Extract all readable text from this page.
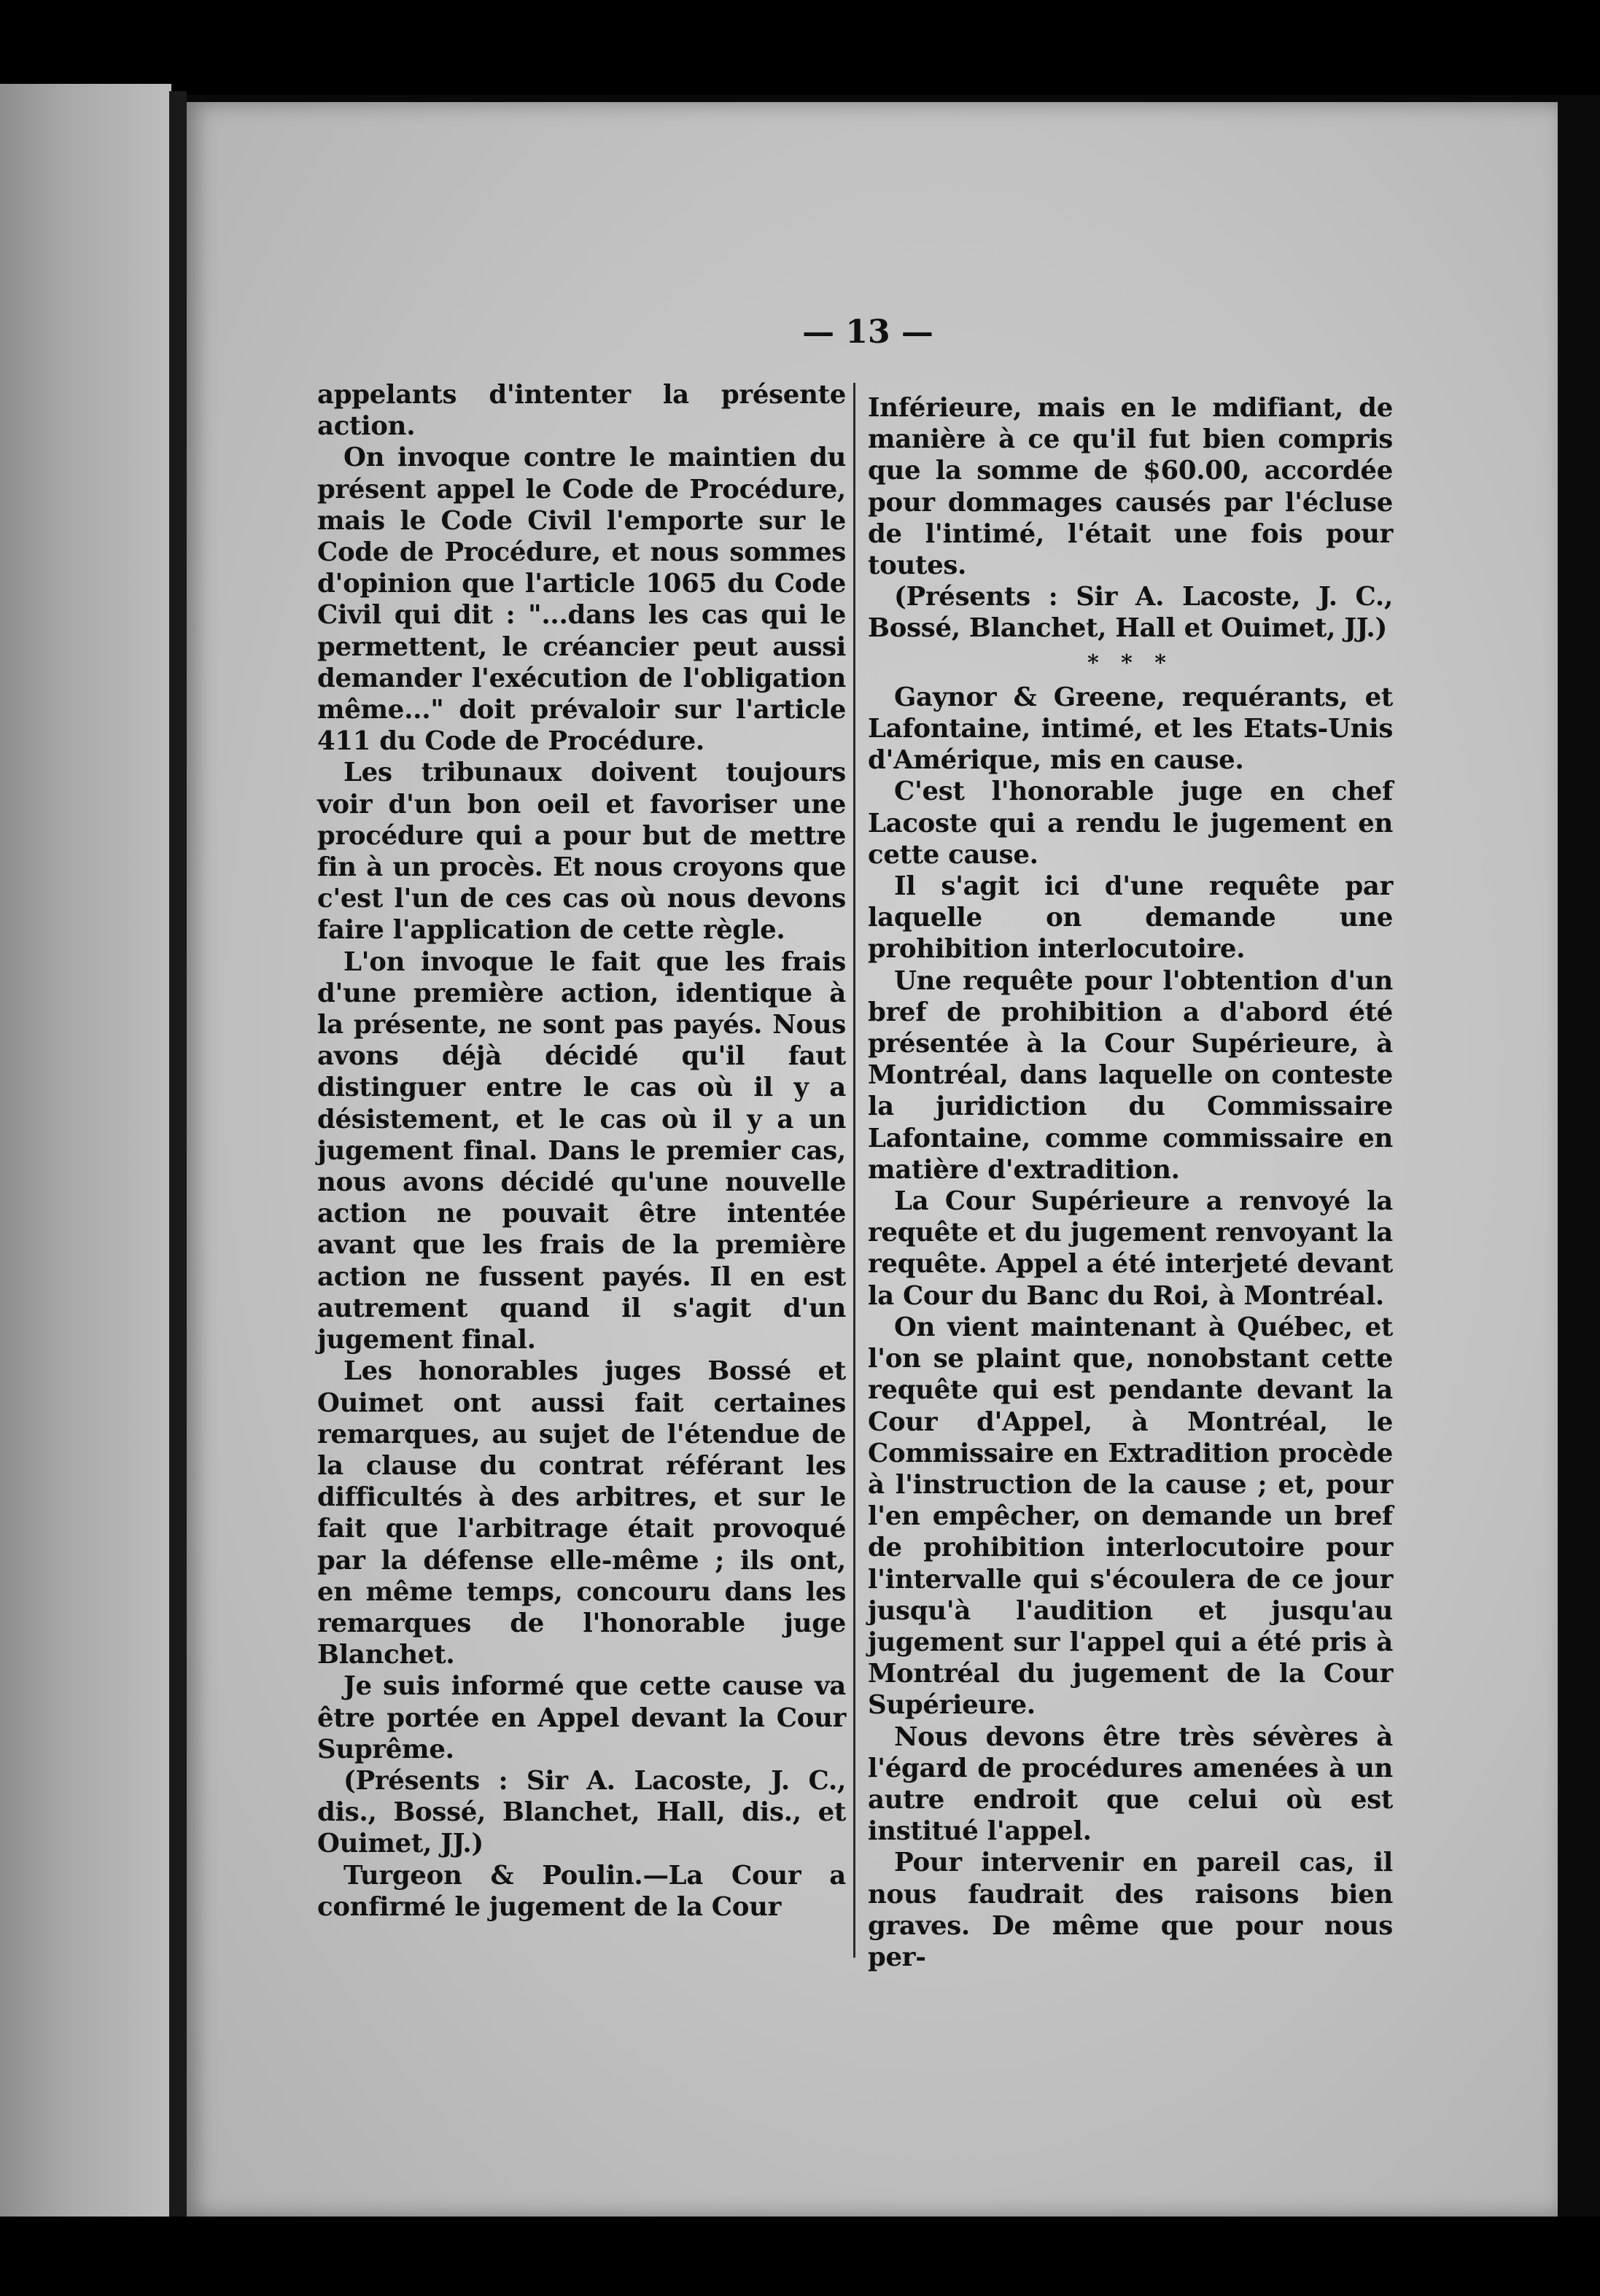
— 13 —

appelants d'intenter la présente action.

On invoque contre le maintien du présent appel le Code de Procédure, mais le Code Civil l'emporte sur le Code de Procédure, et nous sommes d'opinion que l'article 1065 du Code Civil qui dit : "...dans les cas qui le permettent, le créancier peut aussi demander l'exécution de l'obligation même..." doit prévaloir sur l'article 411 du Code de Procédure.

Les tribunaux doivent toujours voir d'un bon oeil et favoriser une procédure qui a pour but de mettre fin à un procès. Et nous croyons que c'est l'un de ces cas où nous devons faire l'application de cette règle.

L'on invoque le fait que les frais d'une première action, identique à la présente, ne sont pas payés. Nous avons déjà décidé qu'il faut distinguer entre le cas où il y a désistement, et le cas où il y a un jugement final. Dans le premier cas, nous avons décidé qu'une nouvelle action ne pouvait être intentée avant que les frais de la première action ne fussent payés. Il en est autrement quand il s'agit d'un jugement final.

Les honorables juges Bossé et Ouimet ont aussi fait certaines remarques, au sujet de l'étendue de la clause du contrat référant les difficultés à des arbitres, et sur le fait que l'arbitrage était provoqué par la défense elle-même ; ils ont, en même temps, concouru dans les remarques de l'honorable juge Blanchet.

Je suis informé que cette cause va être portée en Appel devant la Cour Suprême.

(Présents : Sir A. Lacoste, J. C., dis., Bossé, Blanchet, Hall, dis., et Ouimet, JJ.)

Turgeon & Poulin.—La Cour a confirmé le jugement de la Cour

Inférieure, mais en le mdifiant, de manière à ce qu'il fut bien compris que la somme de $60.00, accordée pour dommages causés par l'écluse de l'intimé, l'était une fois pour toutes.

(Présents : Sir A. Lacoste, J. C., Bossé, Blanchet, Hall et Ouimet, JJ.)

* * *

Gaynor & Greene, requérants, et Lafontaine, intimé, et les Etats-Unis d'Amérique, mis en cause.

C'est l'honorable juge en chef Lacoste qui a rendu le jugement en cette cause.

Il s'agit ici d'une requête par laquelle on demande une prohibition interlocutoire.

Une requête pour l'obtention d'un bref de prohibition a d'abord été présentée à la Cour Supérieure, à Montréal, dans laquelle on conteste la juridiction du Commissaire Lafontaine, comme commissaire en matière d'extradition.

La Cour Supérieure a renvoyé la requête et du jugement renvoyant la requête. Appel a été interjeté devant la Cour du Banc du Roi, à Montréal.

On vient maintenant à Québec, et l'on se plaint que, nonobstant cette requête qui est pendante devant la Cour d'Appel, à Montréal, le Commissaire en Extradition procède à l'instruction de la cause ; et, pour l'en empêcher, on demande un bref de prohibition interlocutoire pour l'intervalle qui s'écoulera de ce jour jusqu'à l'audition et jusqu'au jugement sur l'appel qui a été pris à Montréal du jugement de la Cour Supérieure.

Nous devons être très sévères à l'égard de procédures amenées à un autre endroit que celui où est institué l'appel.

Pour intervenir en pareil cas, il nous faudrait des raisons bien graves. De même que pour nous per-
